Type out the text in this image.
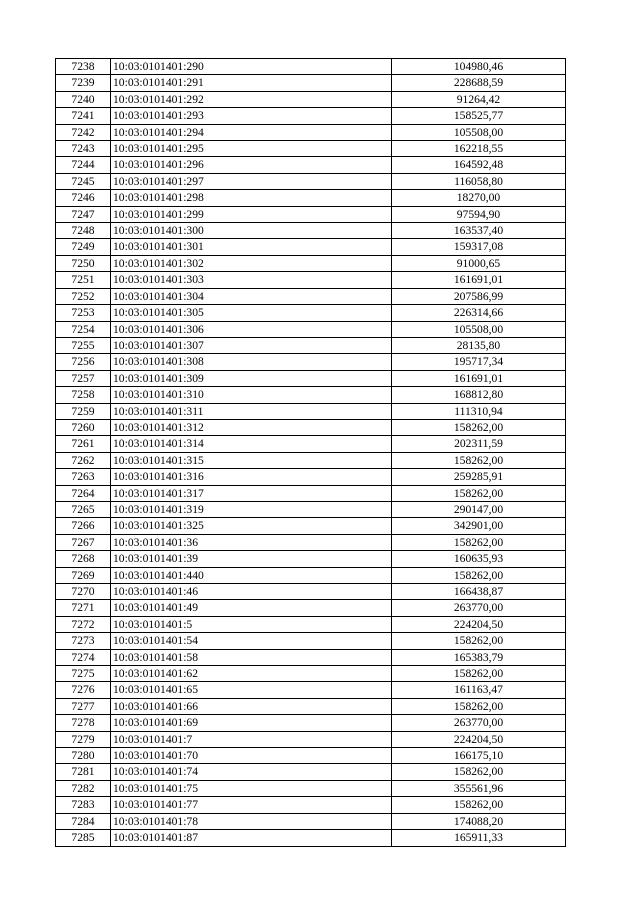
7238	10:03:0101401:290	104980,46
7239	10:03:0101401:291	228688,59
7240	10:03:0101401:292	91264,42
7241	10:03:0101401:293	158525,77
7242	10:03:0101401:294	105508,00
7243	10:03:0101401:295	162218,55
7244	10:03:0101401:296	164592,48
7245	10:03:0101401:297	116058,80
7246	10:03:0101401:298	18270,00
7247	10:03:0101401:299	97594,90
7248	10:03:0101401:300	163537,40
7249	10:03:0101401:301	159317,08
7250	10:03:0101401:302	91000,65
7251	10:03:0101401:303	161691,01
7252	10:03:0101401:304	207586,99
7253	10:03:0101401:305	226314,66
7254	10:03:0101401:306	105508,00
7255	10:03:0101401:307	28135,80
7256	10:03:0101401:308	195717,34
7257	10:03:0101401:309	161691,01
7258	10:03:0101401:310	168812,80
7259	10:03:0101401:311	111310,94
7260	10:03:0101401:312	158262,00
7261	10:03:0101401:314	202311,59
7262	10:03:0101401:315	158262,00
7263	10:03:0101401:316	259285,91
7264	10:03:0101401:317	158262,00
7265	10:03:0101401:319	290147,00
7266	10:03:0101401:325	342901,00
7267	10:03:0101401:36	158262,00
7268	10:03:0101401:39	160635,93
7269	10:03:0101401:440	158262,00
7270	10:03:0101401:46	166438,87
7271	10:03:0101401:49	263770,00
7272	10:03:0101401:5	224204,50
7273	10:03:0101401:54	158262,00
7274	10:03:0101401:58	165383,79
7275	10:03:0101401:62	158262,00
7276	10:03:0101401:65	161163,47
7277	10:03:0101401:66	158262,00
7278	10:03:0101401:69	263770,00
7279	10:03:0101401:7	224204,50
7280	10:03:0101401:70	166175,10
7281	10:03:0101401:74	158262,00
7282	10:03:0101401:75	355561,96
7283	10:03:0101401:77	158262,00
7284	10:03:0101401:78	174088,20
7285	10:03:0101401:87	165911,33
